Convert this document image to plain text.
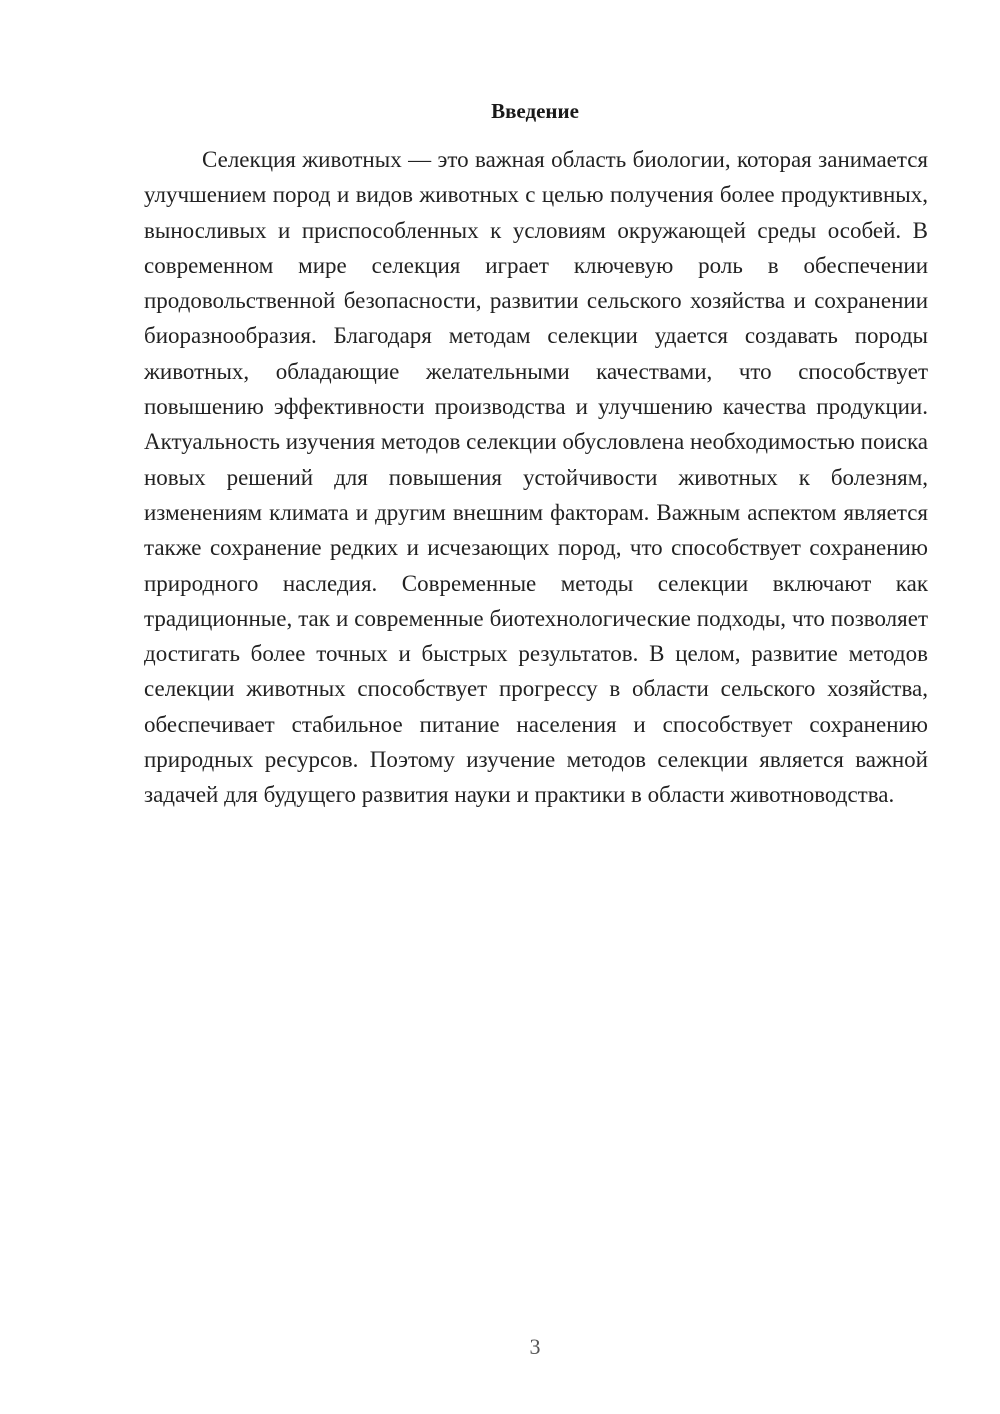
Введение

Селекция животных — это важная область биологии, которая занимается улучшением пород и видов животных с целью получения более продуктивных, выносливых и приспособленных к условиям окружающей среды особей. В современном мире селекция играет ключевую роль в обеспечении продовольственной безопасности, развитии сельского хозяйства и сохранении биоразнообразия. Благодаря методам селекции удается создавать породы животных, обладающие желательными качествами, что способствует повышению эффективности производства и улучшению качества продукции. Актуальность изучения методов селекции обусловлена необходимостью поиска новых решений для повышения устойчивости животных к болезням, изменениям климата и другим внешним факторам. Важным аспектом является также сохранение редких и исчезающих пород, что способствует сохранению природного наследия. Современные методы селекции включают как традиционные, так и современные биотехнологические подходы, что позволяет достигать более точных и быстрых результатов. В целом, развитие методов селекции животных способствует прогрессу в области сельского хозяйства, обеспечивает стабильное питание населения и способствует сохранению природных ресурсов. Поэтому изучение методов селекции является важной задачей для будущего развития науки и практики в области животноводства.

3
